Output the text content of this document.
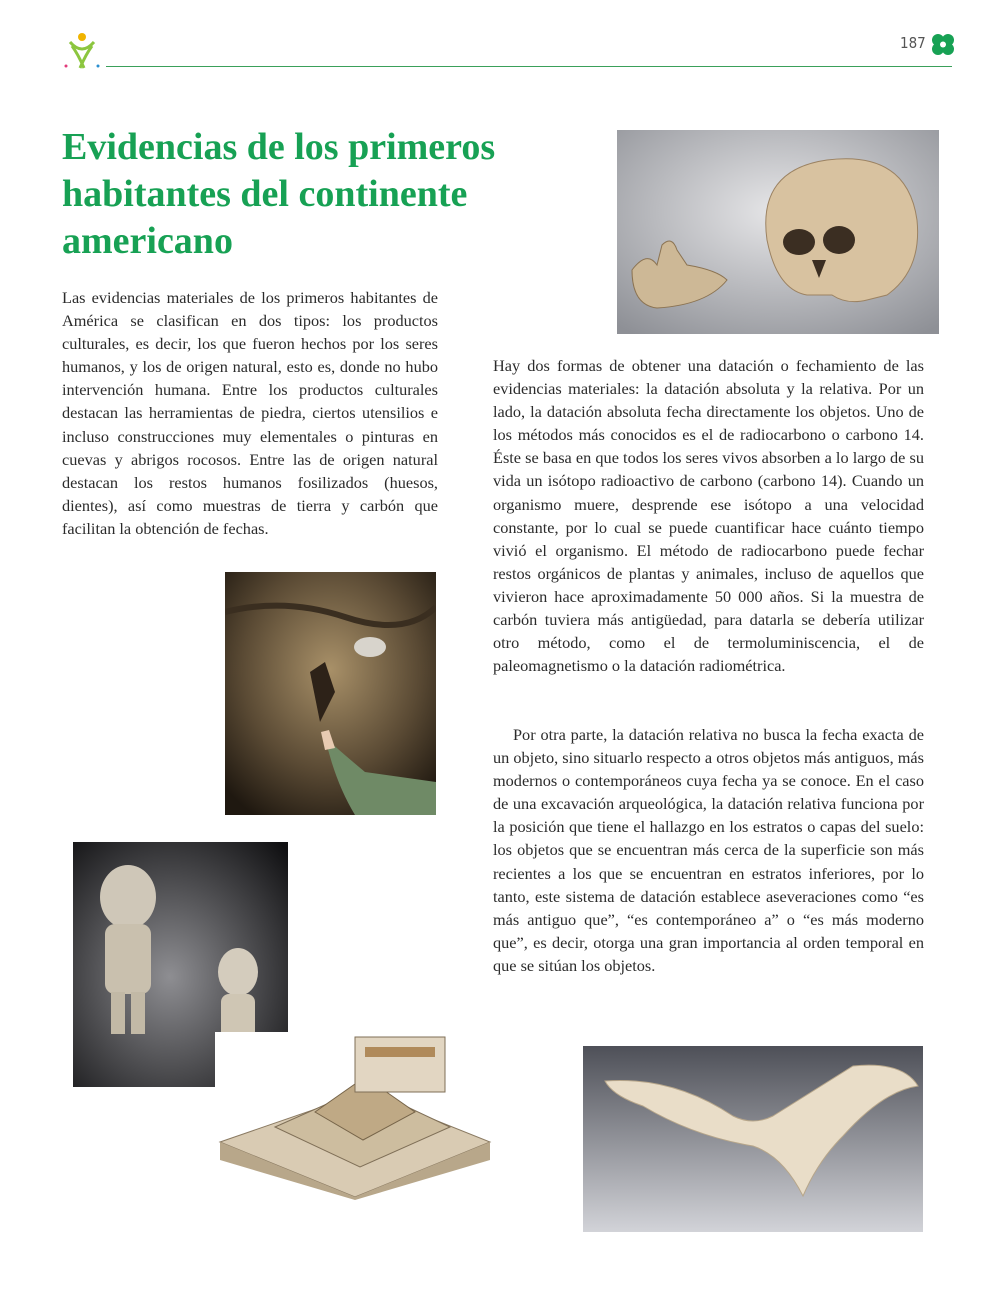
187
Evidencias de los primeros habitantes del continente americano

Las evidencias materiales de los primeros habitantes de América se clasifican en dos tipos: los productos culturales, es decir, los que fueron hechos por los seres humanos, y los de origen natural, esto es, donde no hubo intervención humana. Entre los productos culturales destacan las herramientas de piedra, ciertos utensilios e incluso construcciones muy elementales o pinturas en cuevas y abrigos rocosos. Entre las de origen natural destacan los restos humanos fosilizados (huesos, dientes), así como muestras de tierra y carbón que facilitan la obtención de fechas.

Hay dos formas de obtener una datación o fechamiento de las evidencias materiales: la datación absoluta y la relativa. Por un lado, la datación absoluta fecha directamente los objetos. Uno de los métodos más conocidos es el de radiocarbono o carbono 14. Éste se basa en que todos los seres vivos absorben a lo largo de su vida un isótopo radioactivo de carbono (carbono 14). Cuando un organismo muere, desprende ese isótopo a una velocidad constante, por lo cual se puede cuantificar hace cuánto tiempo vivió el organismo. El método de radiocarbono puede fechar restos orgánicos de plantas y animales, incluso de aquellos que vivieron hace aproximadamente 50 000 años. Si la muestra de carbón tuviera más antigüedad, para datarla se debería utilizar otro método, como el de termoluminiscencia, el de paleomagnetismo o la datación radiométrica.

Por otra parte, la datación relativa no busca la fecha exacta de un objeto, sino situarlo respecto a otros objetos más antiguos, más modernos o contemporáneos cuya fecha ya se conoce. En el caso de una excavación arqueológica, la datación relativa funciona por la posición que tiene el hallazgo en los estratos o capas del suelo: los objetos que se encuentran más cerca de la superficie son más recientes a los que se encuentran en estratos inferiores, por lo tanto, este sistema de datación establece aseveraciones como “es más antiguo que”, “es contemporáneo a” o “es más moderno que”, es decir, otorga una gran importancia al orden temporal en que se sitúan los objetos.
